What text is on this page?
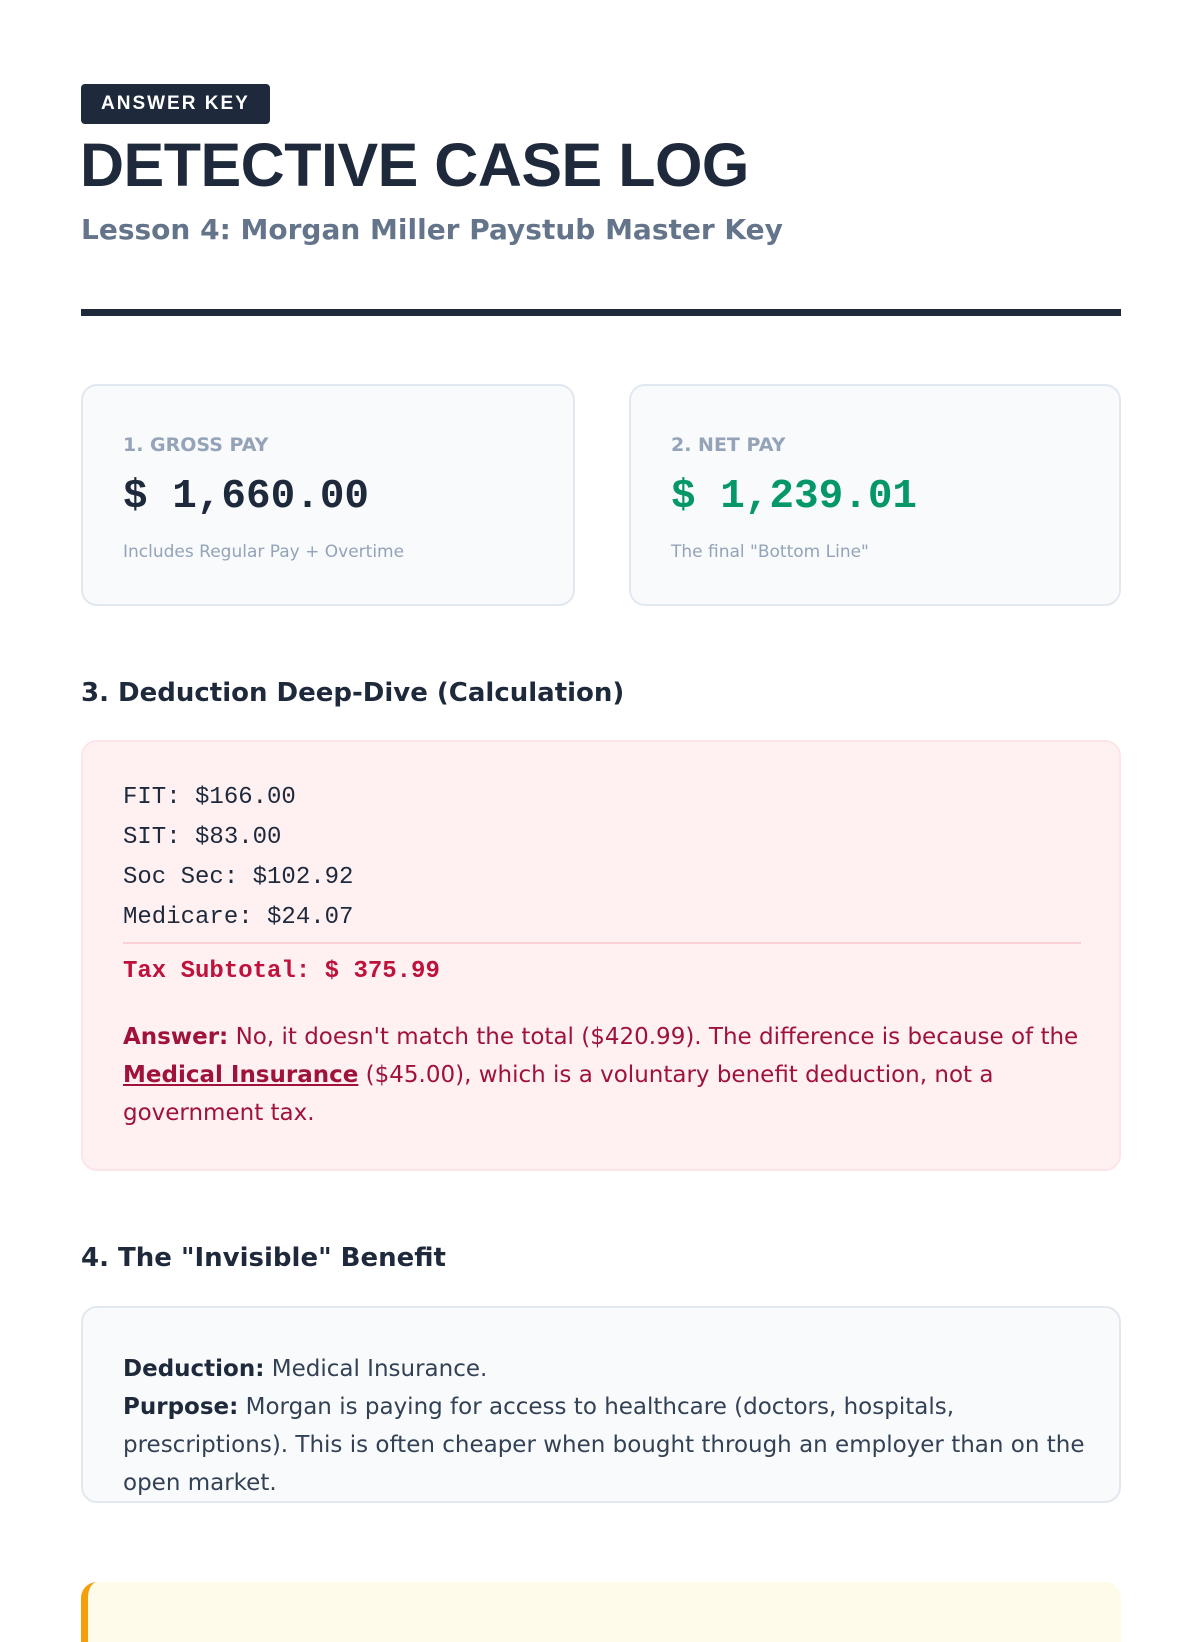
ANSWER KEY
DETECTIVE CASE LOG
Lesson 4: Morgan Miller Paystub Master Key
1. GROSS PAY
$ 1,660.00
Includes Regular Pay + Overtime
2. NET PAY
$ 1,239.01
The final "Bottom Line"
3. Deduction Deep-Dive (Calculation)
FIT: $166.00
SIT: $83.00
Soc Sec: $102.92
Medicare: $24.07
Tax Subtotal: $ 375.99

Answer: No, it doesn't match the total ($420.99). The difference is because of the Medical Insurance ($45.00), which is a voluntary benefit deduction, not a government tax.

4. The "Invisible" Benefit

Deduction: Medical Insurance.
Purpose: Morgan is paying for access to healthcare (doctors, hospitals, prescriptions). This is often cheaper when bought through an employer than on the open market.
